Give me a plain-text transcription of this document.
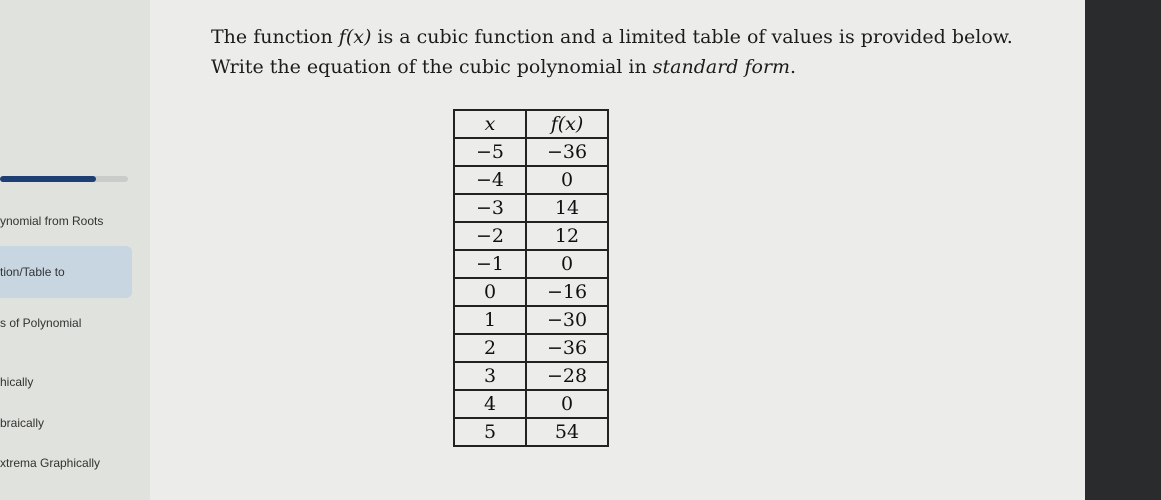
ynomial from Roots
tion/Table to
s of Polynomial
hically
braically
xtrema Graphically
The function f(x) is a cubic function and a limited table of values is provided below. Write the equation of the cubic polynomial in standard form.
x	f(x)
−5	−36
−4	0
−3	14
−2	12
−1	0
0	−16
1	−30
2	−36
3	−28
4	0
5	54
